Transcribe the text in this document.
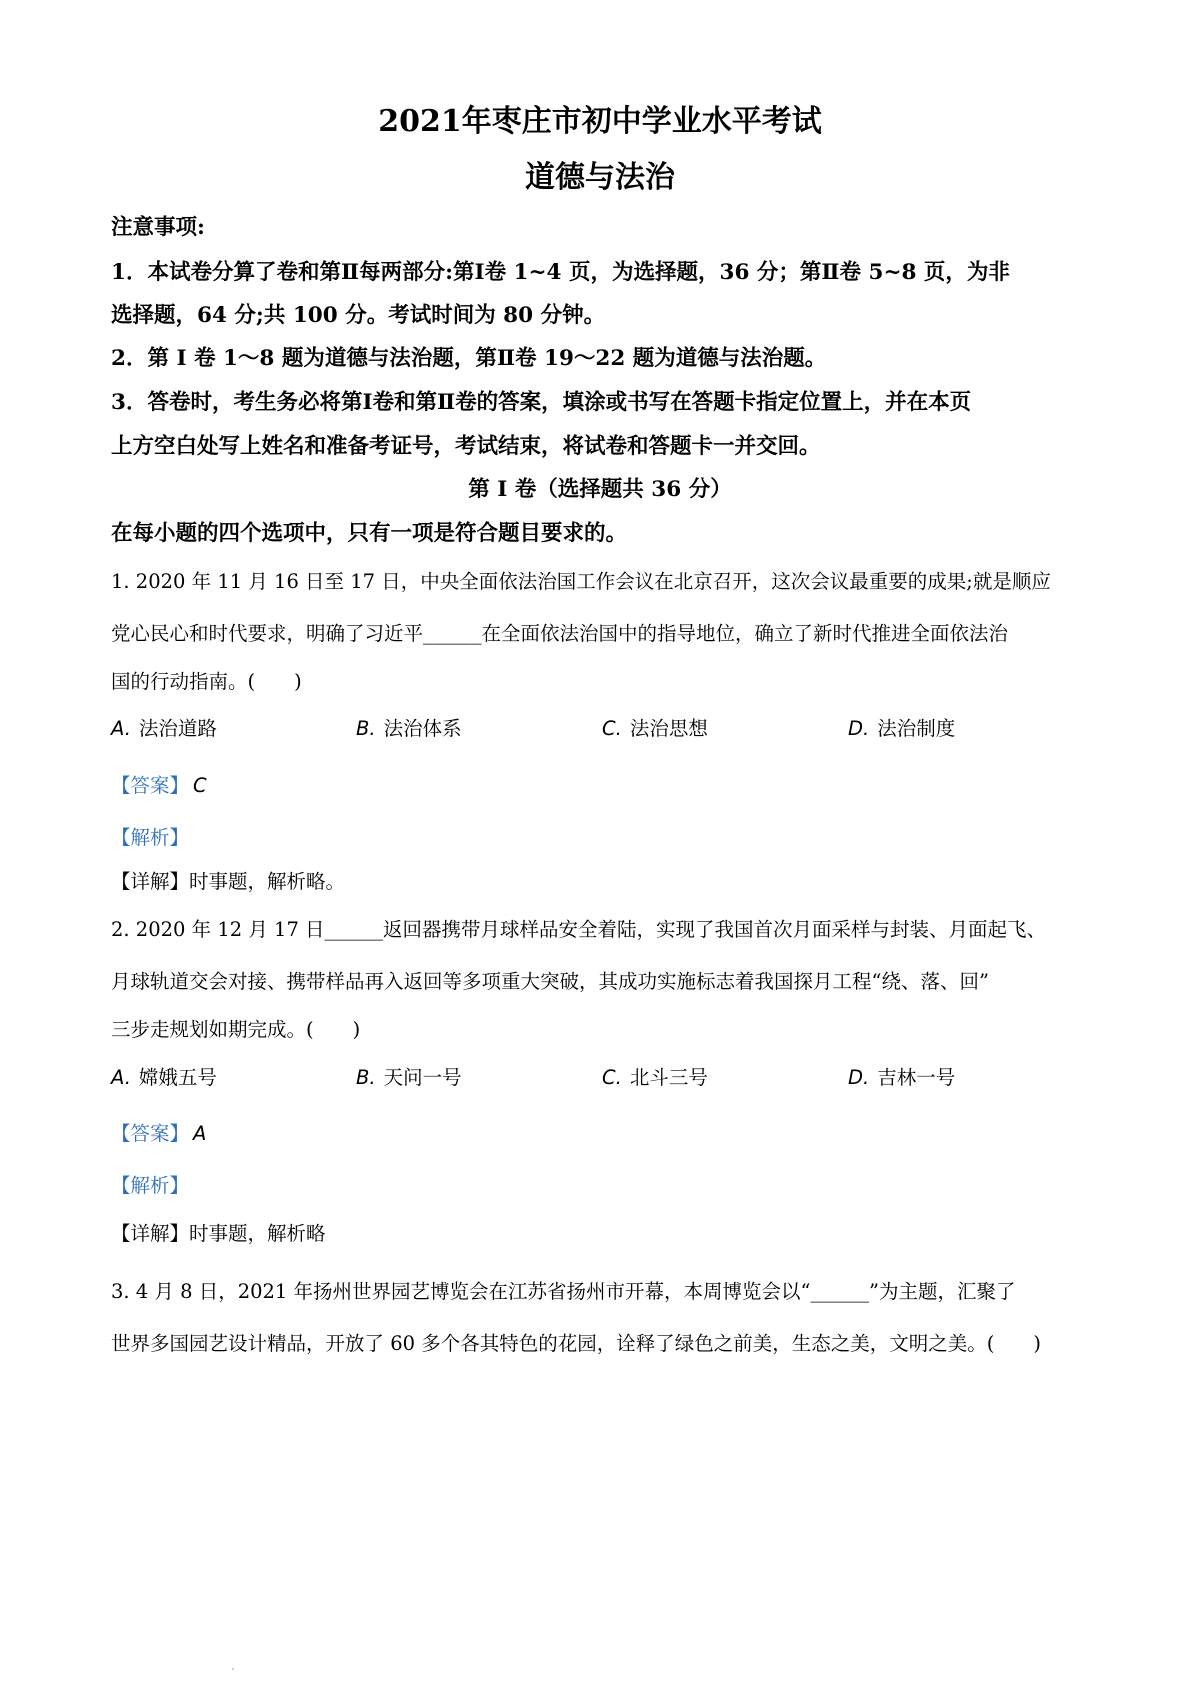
2021年枣庄市初中学业水平考试
道德与法治
注意事项:
1．本试卷分算了卷和第Ⅱ每两部分:第Ⅰ卷 1~4 页，为选择题，36 分；第Ⅱ卷 5~8 页，为非
选择题，64 分;共 100 分。考试时间为 80 分钟。
2．第 I 卷 1～8 题为道德与法治题，第Ⅱ卷 19～22 题为道德与法治题。
3．答卷时，考生务必将第Ⅰ卷和第Ⅱ卷的答案，填涂或书写在答题卡指定位置上，并在本页
上方空白处写上姓名和准备考证号，考试结束，将试卷和答题卡一并交回。
第 I 卷（选择题共 36 分）
在每小题的四个选项中，只有一项是符合题目要求的。
1. 2020 年 11 月 16 日至 17 日，中央全面依法治国工作会议在北京召开，这次会议最重要的成果;就是顺应
党心民心和时代要求，明确了习近平______在全面依法治国中的指导地位，确立了新时代推进全面依法治
国的行动指南。(　　)
A. 法治道路	B. 法治体系	C. 法治思想	D. 法治制度
【答案】 C
【解析】
【详解】时事题，解析略。
2. 2020 年 12 月 17 日______返回器携带月球样品安全着陆，实现了我国首次月面采样与封装、月面起飞、
月球轨道交会对接、携带样品再入返回等多项重大突破，其成功实施标志着我国探月工程“绕、落、回”
三步走规划如期完成。(　　)
A. 嫦娥五号	B. 天问一号	C. 北斗三号	D. 吉林一号
【答案】 A
【解析】
【详解】时事题，解析略
3. 4 月 8 日，2021 年扬州世界园艺博览会在江苏省扬州市开幕，本周博览会以“______”为主题，汇聚了
世界多国园艺设计精品，开放了 60 多个各其特色的花园，诠释了绿色之前美，生态之美，文明之美。(　　)
